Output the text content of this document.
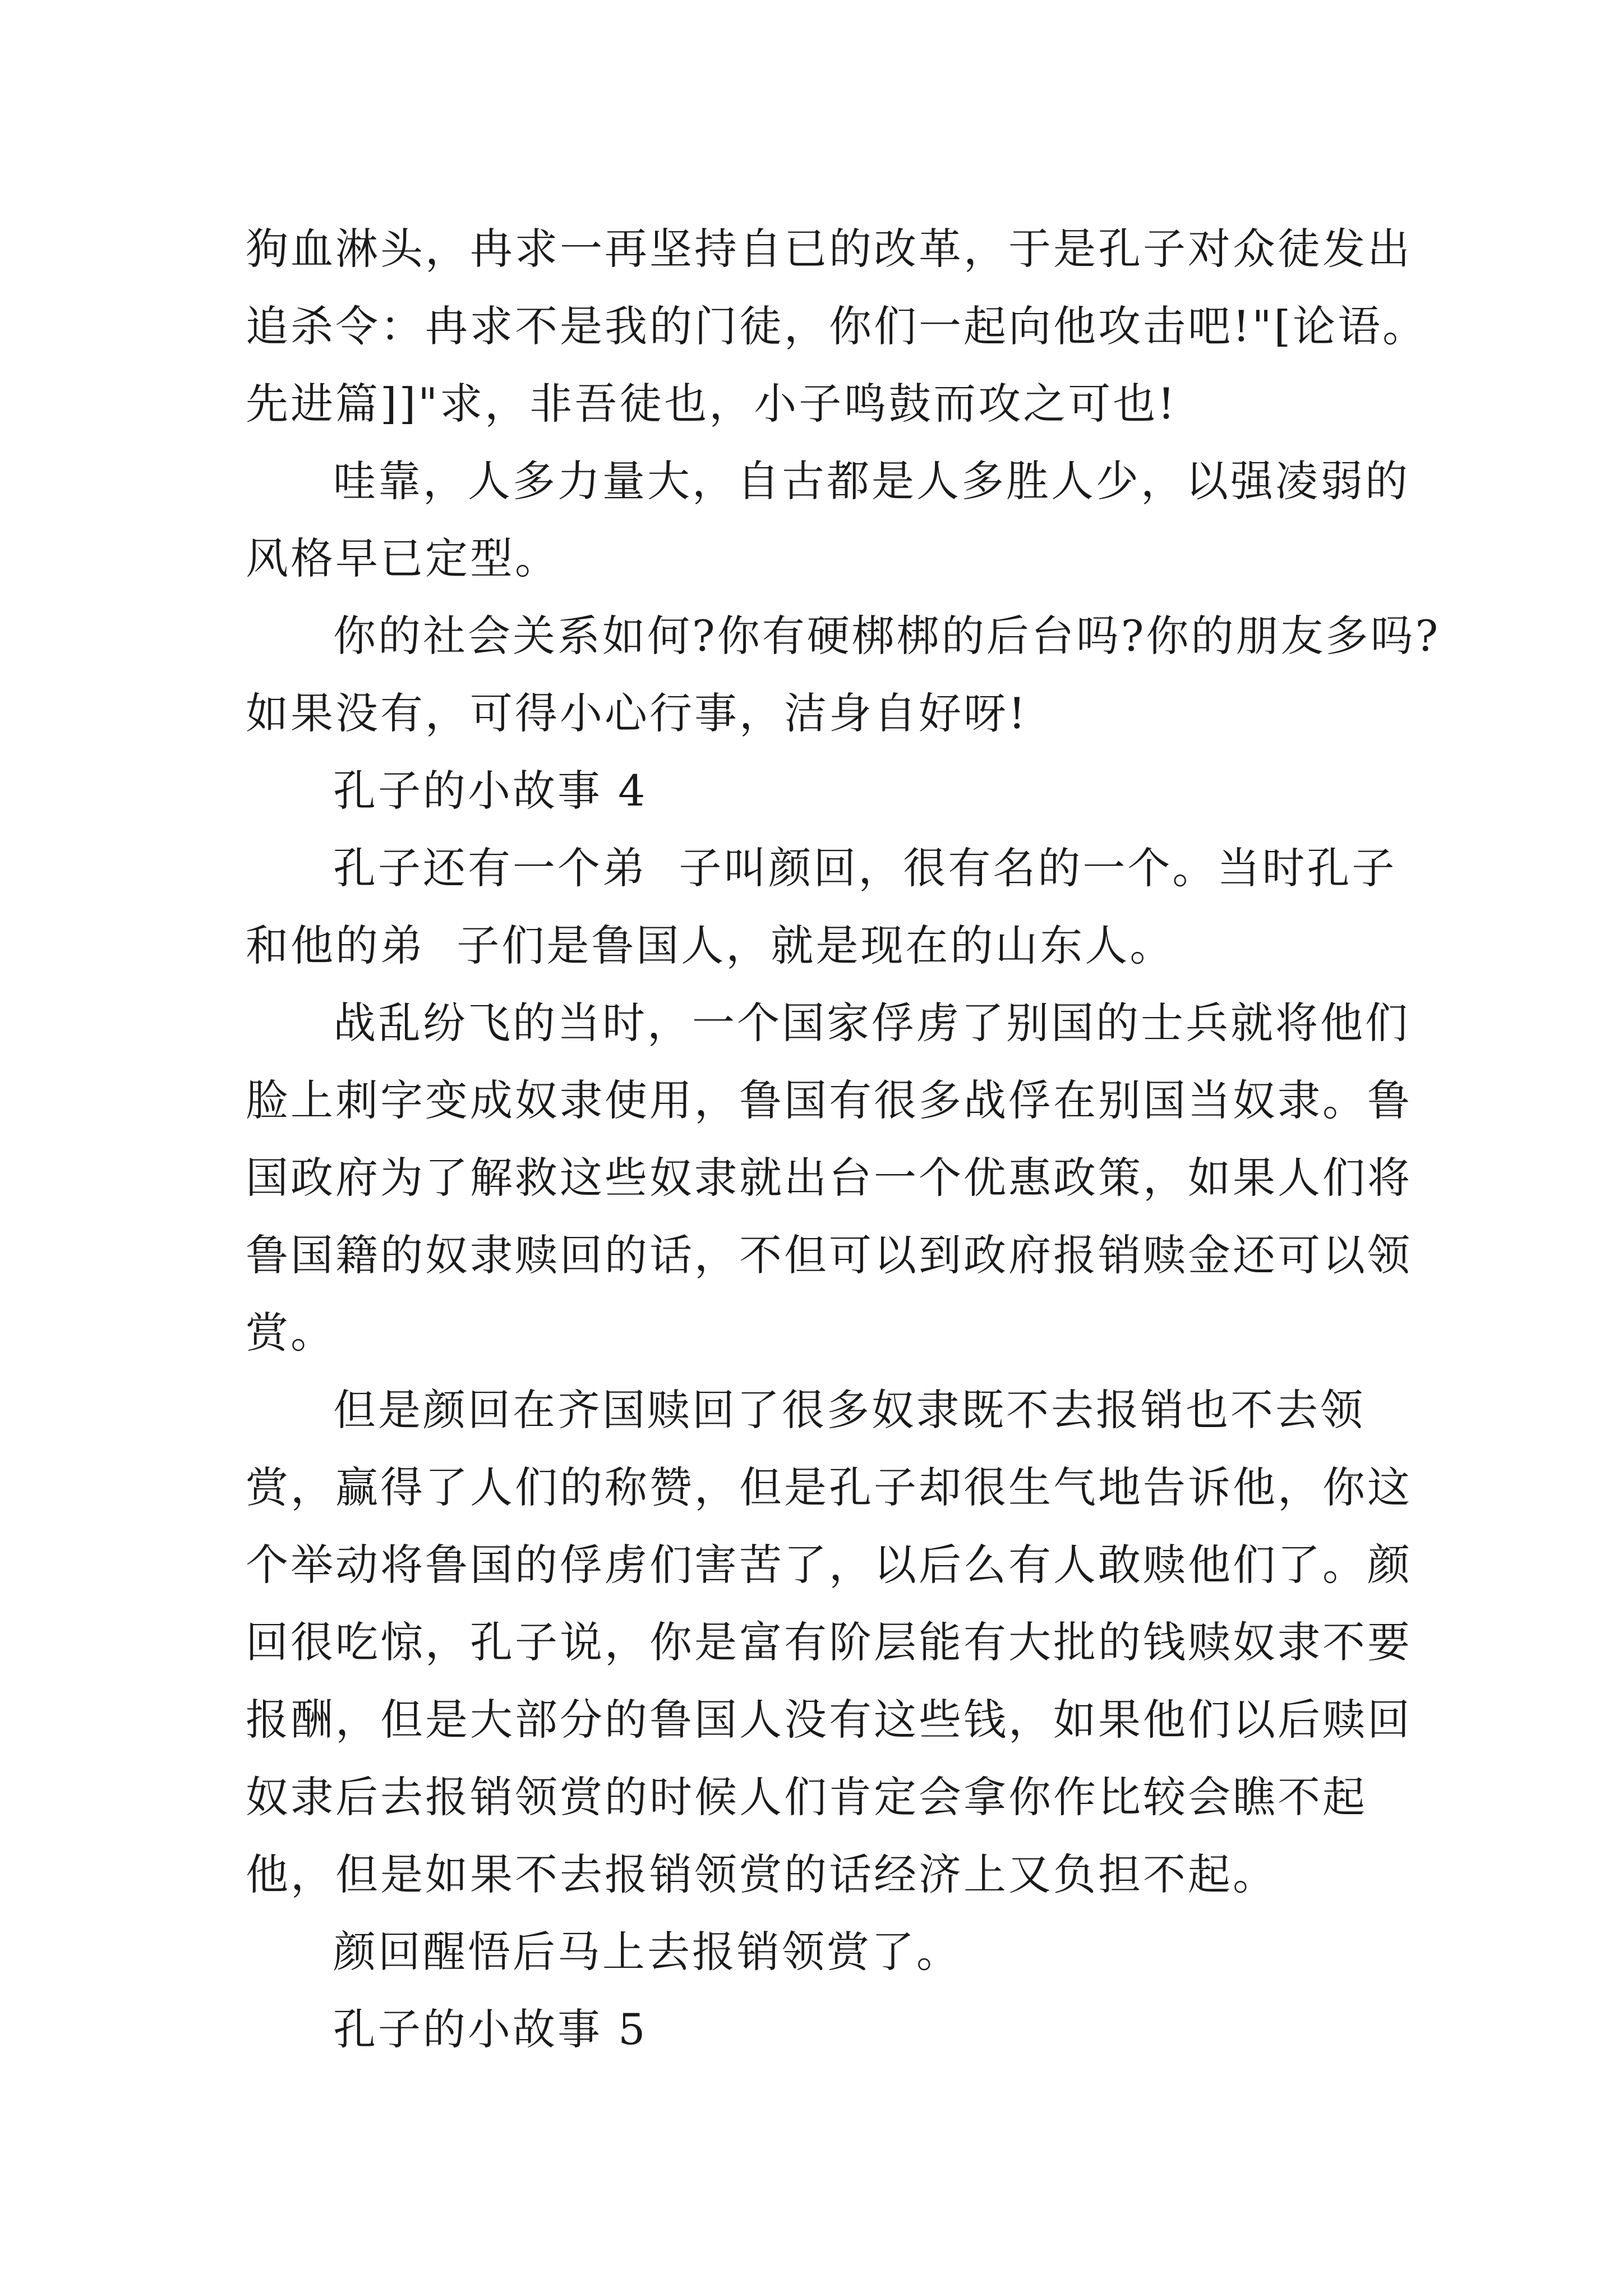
狗血淋头，冉求一再坚持自已的改革，于是孔子对众徒发出
追杀令：冉求不是我的门徒，你们一起向他攻击吧!"[论语。
先进篇]]"求，非吾徒也，小子鸣鼓而攻之可也!
哇靠，人多力量大，自古都是人多胜人少，以强凌弱的
风格早已定型。
你的社会关系如何?你有硬梆梆的后台吗?你的朋友多吗?
如果没有，可得小心行事，洁身自好呀!
孔子的小故事 4
孔子还有一个弟  子叫颜回，很有名的一个。当时孔子
和他的弟  子们是鲁国人，就是现在的山东人。
战乱纷飞的当时，一个国家俘虏了别国的士兵就将他们
脸上刺字变成奴隶使用，鲁国有很多战俘在别国当奴隶。鲁
国政府为了解救这些奴隶就出台一个优惠政策，如果人们将
鲁国籍的奴隶赎回的话，不但可以到政府报销赎金还可以领
赏。
但是颜回在齐国赎回了很多奴隶既不去报销也不去领
赏，赢得了人们的称赞，但是孔子却很生气地告诉他，你这
个举动将鲁国的俘虏们害苦了，以后么有人敢赎他们了。颜
回很吃惊，孔子说，你是富有阶层能有大批的钱赎奴隶不要
报酬，但是大部分的鲁国人没有这些钱，如果他们以后赎回
奴隶后去报销领赏的时候人们肯定会拿你作比较会瞧不起
他，但是如果不去报销领赏的话经济上又负担不起。
颜回醒悟后马上去报销领赏了。
孔子的小故事 5
